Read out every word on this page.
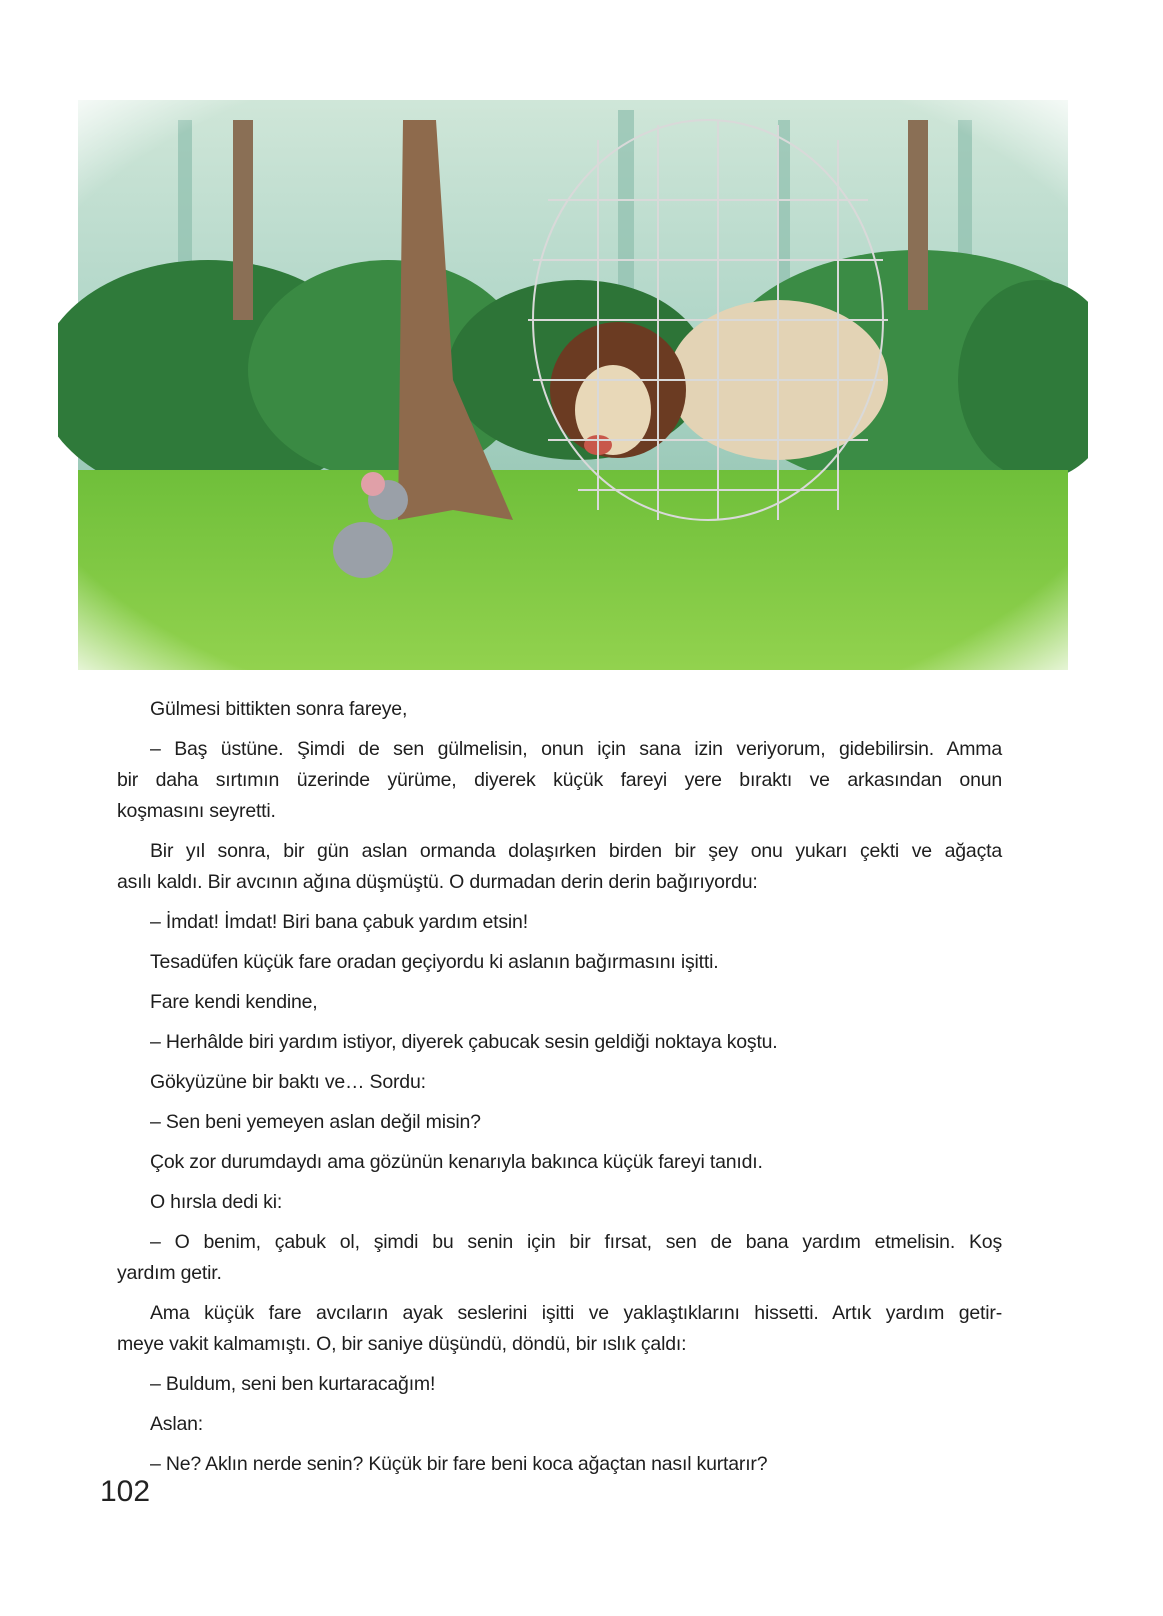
Gülmesi bittikten sonra fareye,
– Baş üstüne. Şimdi de sen gülmelisin, onun için sana izin veriyorum, gidebilirsin. Amma
bir daha sırtımın üzerinde yürüme, diyerek küçük fareyi yere bıraktı ve arkasından onun
koşmasını seyretti.
Bir yıl sonra, bir gün aslan ormanda dolaşırken birden bir şey onu yukarı çekti ve ağaçta
asılı kaldı. Bir avcının ağına düşmüştü. O durmadan derin derin bağırıyordu:
– İmdat! İmdat! Biri bana çabuk yardım etsin!
Tesadüfen küçük fare oradan geçiyordu ki aslanın bağırmasını işitti.
Fare kendi kendine,
– Herhâlde biri yardım istiyor, diyerek çabucak sesin geldiği noktaya koştu.
Gökyüzüne bir baktı ve… Sordu:
– Sen beni yemeyen aslan değil misin?
Çok zor durumdaydı ama gözünün kenarıyla bakınca küçük fareyi tanıdı.
O hırsla dedi ki:
– O benim, çabuk ol, şimdi bu senin için bir fırsat, sen de bana yardım etmelisin. Koş
yardım getir.
Ama küçük fare avcıların ayak seslerini işitti ve yaklaştıklarını hissetti. Artık yardım getir-
meye vakit kalmamıştı. O, bir saniye düşündü, döndü, bir ıslık çaldı:
– Buldum, seni ben kurtaracağım!
Aslan:
– Ne? Aklın nerde senin? Küçük bir fare beni koca ağaçtan nasıl kurtarır?
102
